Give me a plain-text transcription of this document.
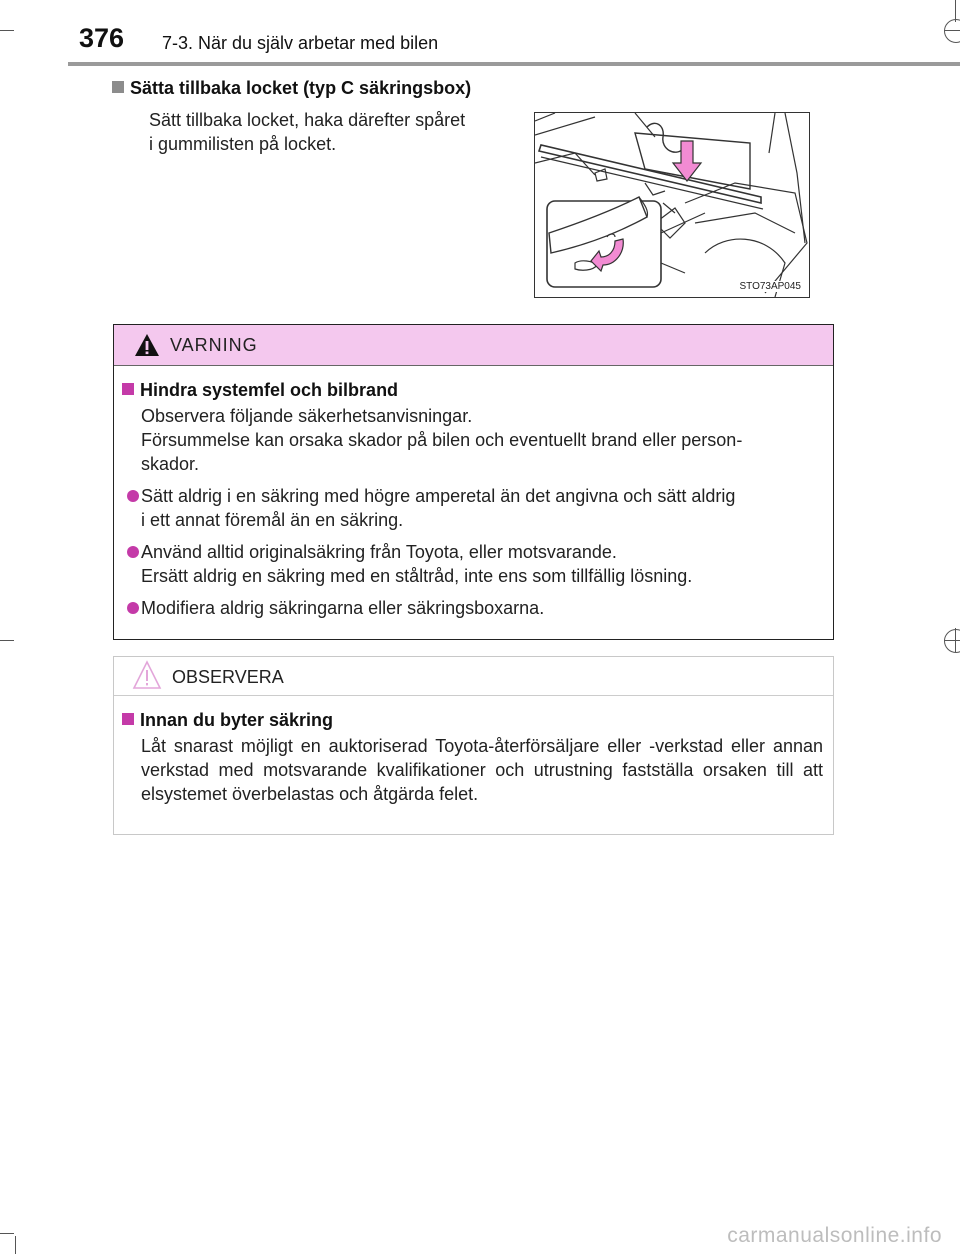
376 7-3. När du själv arbetar med bilen
Sätta tillbaka locket (typ C säkringsbox)
Sätt tillbaka locket, haka därefter spåret
i gummilisten på locket.
STO73AP045
VARNING
Hindra systemfel och bilbrand
Observera följande säkerhetsanvisningar.
Försummelse kan orsaka skador på bilen och eventuellt brand eller person-
skador.
Sätt aldrig i en säkring med högre amperetal än det angivna och sätt aldrig
i ett annat föremål än en säkring.
Använd alltid originalsäkring från Toyota, eller motsvarande.
Ersätt aldrig en säkring med en ståltråd, inte ens som tillfällig lösning.
Modifiera aldrig säkringarna eller säkringsboxarna.
OBSERVERA
Innan du byter säkring
Låt snarast möjligt en auktoriserad Toyota-återförsäljare eller -verkstad eller annan verkstad med motsvarande kvalifikationer och utrustning fastställa orsaken till att elsystemet överbelastas och åtgärda felet.
carmanualsonline.info
